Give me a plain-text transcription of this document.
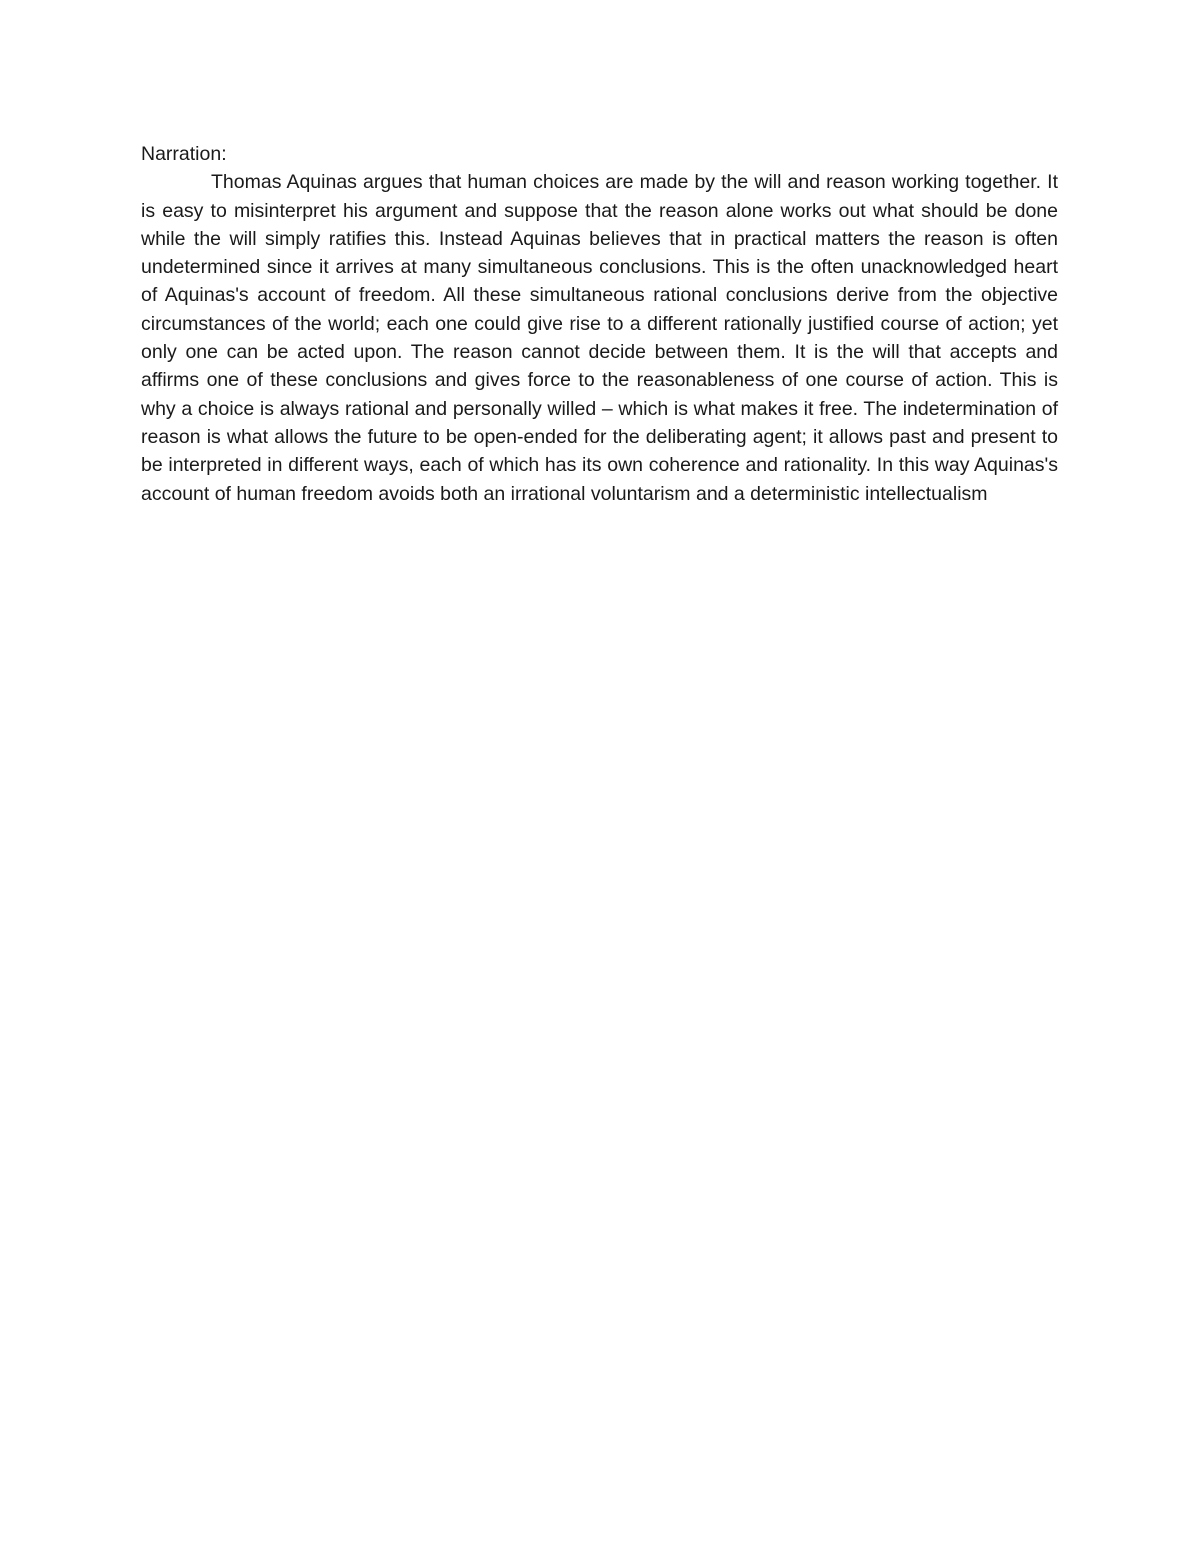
Narration:

Thomas Aquinas argues that human choices are made by the will and reason working together. It is easy to misinterpret his argument and suppose that the reason alone works out what should be done while the will simply ratifies this. Instead Aquinas believes that in practical matters the reason is often undetermined since it arrives at many simultaneous conclusions. This is the often unacknowledged heart of Aquinas's account of freedom. All these simultaneous rational conclusions derive from the objective circumstances of the world; each one could give rise to a different rationally justified course of action; yet only one can be acted upon. The reason cannot decide between them. It is the will that accepts and affirms one of these conclusions and gives force to the reasonableness of one course of action. This is why a choice is always rational and personally willed – which is what makes it free. The indetermination of reason is what allows the future to be open-ended for the deliberating agent; it allows past and present to be interpreted in different ways, each of which has its own coherence and rationality. In this way Aquinas's account of human freedom avoids both an irrational voluntarism and a deterministic intellectualism
